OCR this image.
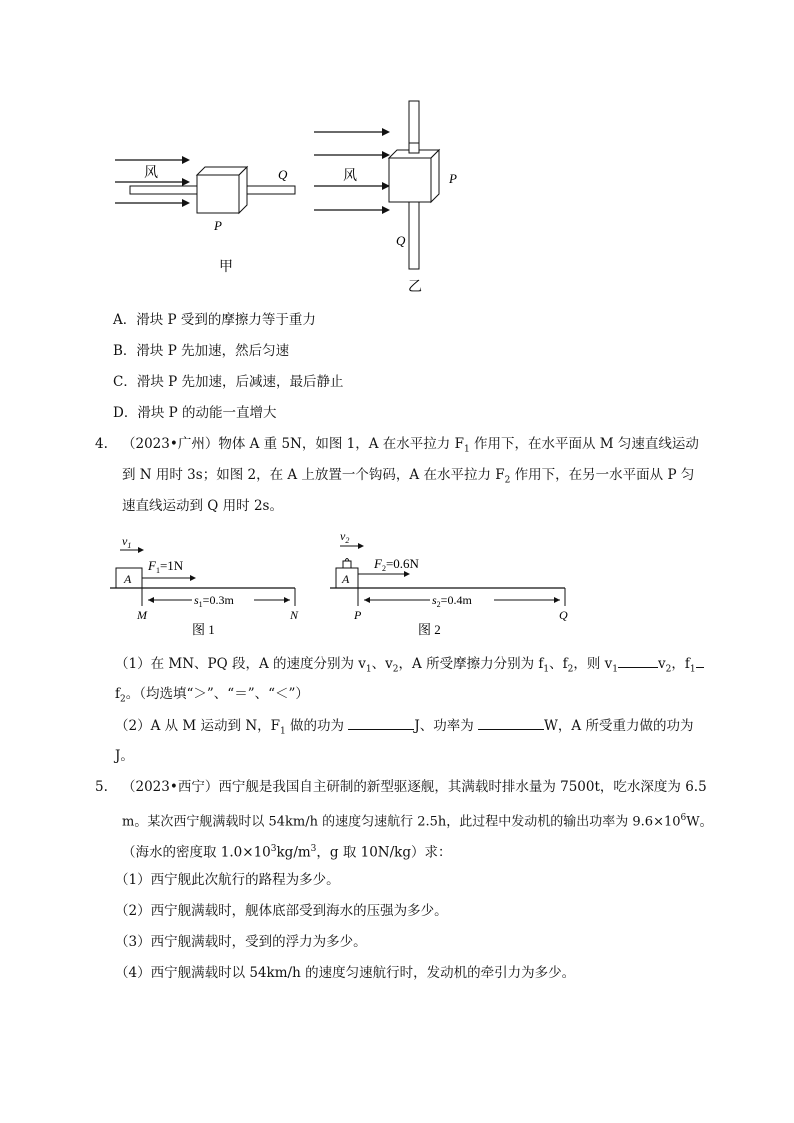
风	Q
P
甲
风	P
Q
乙
A．滑块 P 受到的摩擦力等于重力
B．滑块 P 先加速，然后匀速
C．滑块 P 先加速，后减速，最后静止
D．滑块 P 的动能一直增大
4. （2023•广州）物体 A 重 5N，如图 1，A 在水平拉力 $F_1$ 作用下，在水平面从 M 匀速直线运动
到 N 用时 3s；如图 2，在 A 上放置一个钩码，A 在水平拉力 $F_2$ 作用下，在另一水平面从 P 匀
速直线运动到 Q 用时 2s。
$v_1$
A
$F_1=1N$
$s_1=0.3m$
M	N
图 1
$v_2$
A
$F_2=0.6N$
$s_2=0.4m$
P	Q
图 2
（1）在 MN、PQ 段，A 的速度分别为 $v_1$、$v_2$，A 所受摩擦力分别为 $f_1$、$f_2$，则 $v_1$	$v_2$，$f_1$
$f_2$。（均选填“＞”、“＝”、“＜”）
（2）A 从 M 运动到 N，$F_1$ 做的功为	J、功率为	W，A 所受重力做的功为
J。
5. （2023•西宁）西宁舰是我国自主研制的新型驱逐舰，其满载时排水量为 7500t，吃水深度为 6.5
m。某次西宁舰满载时以 54km/h 的速度匀速航行 2.5h，此过程中发动机的输出功率为 $9.6\times 10^6W$。
（海水的密度取 $1.0\times 10^3kg/m^3$，g 取 10N/kg）求：
（1）西宁舰此次航行的路程为多少。
（2）西宁舰满载时，舰体底部受到海水的压强为多少。
（3）西宁舰满载时，受到的浮力为多少。
（4）西宁舰满载时以 54km/h 的速度匀速航行时，发动机的牵引力为多少。
